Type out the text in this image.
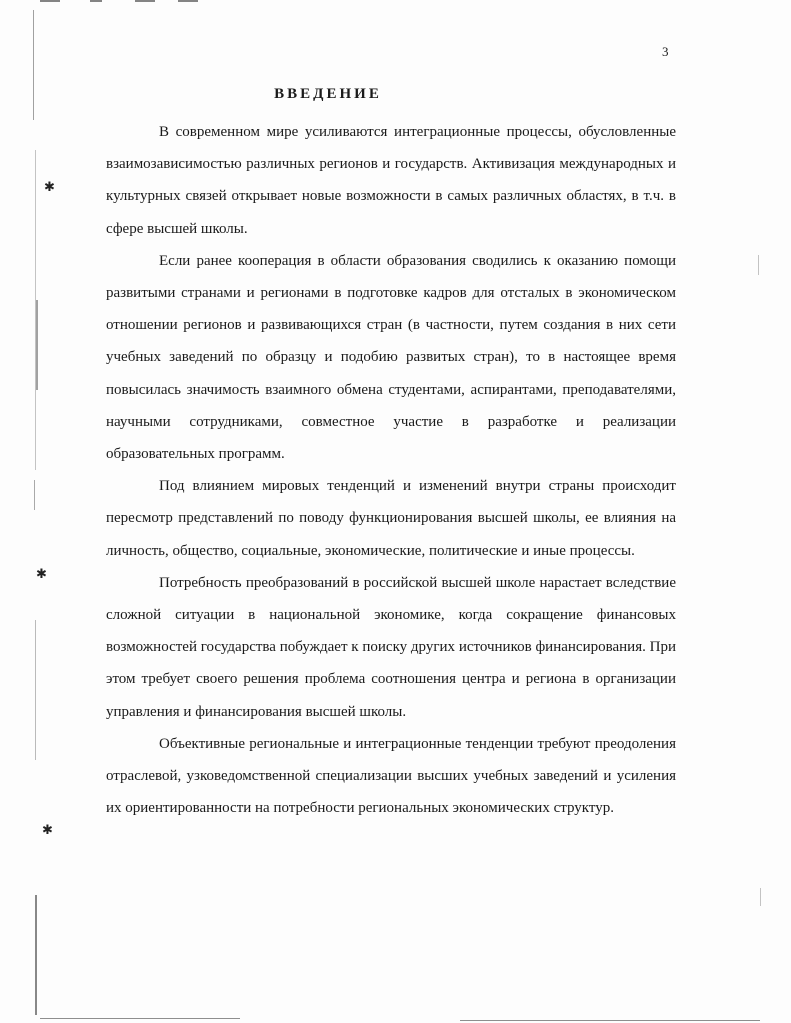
✱
✱
✱
3
ВВЕДЕНИЕ

В современном мире усиливаются интеграционные процессы, обусловленные взаимозависимостью различных регионов и государств. Активизация международных и культурных связей открывает новые возможности в самых различных областях, в т.ч. в сфере высшей школы.

Если ранее кооперация в области образования сводились к оказанию помощи развитыми странами и регионами в подготовке кадров для отсталых в экономическом отношении регионов и развивающихся стран (в частности, путем создания в них сети учебных заведений по образцу и подобию развитых стран), то в настоящее время повысилась значимость взаимного обмена студентами, аспирантами, преподавателями, научными сотрудниками, совместное участие в разработке и реализации образовательных программ.

Под влиянием мировых тенденций и изменений внутри страны происходит пересмотр представлений по поводу функционирования высшей школы, ее влияния на личность, общество, социальные, экономические, политические и иные процессы.

Потребность преобразований в российской высшей школе нарастает вследствие сложной ситуации в национальной экономике, когда сокращение финансовых возможностей государства побуждает к поиску других источников финансирования. При этом требует своего решения проблема соотношения центра и региона в организации управления и финансирования высшей школы.

Объективные региональные и интеграционные тенденции требуют преодоления отраслевой, узковедомственной специализации высших учебных заведений и усиления их ориентированности на потребности региональных экономических структур.
